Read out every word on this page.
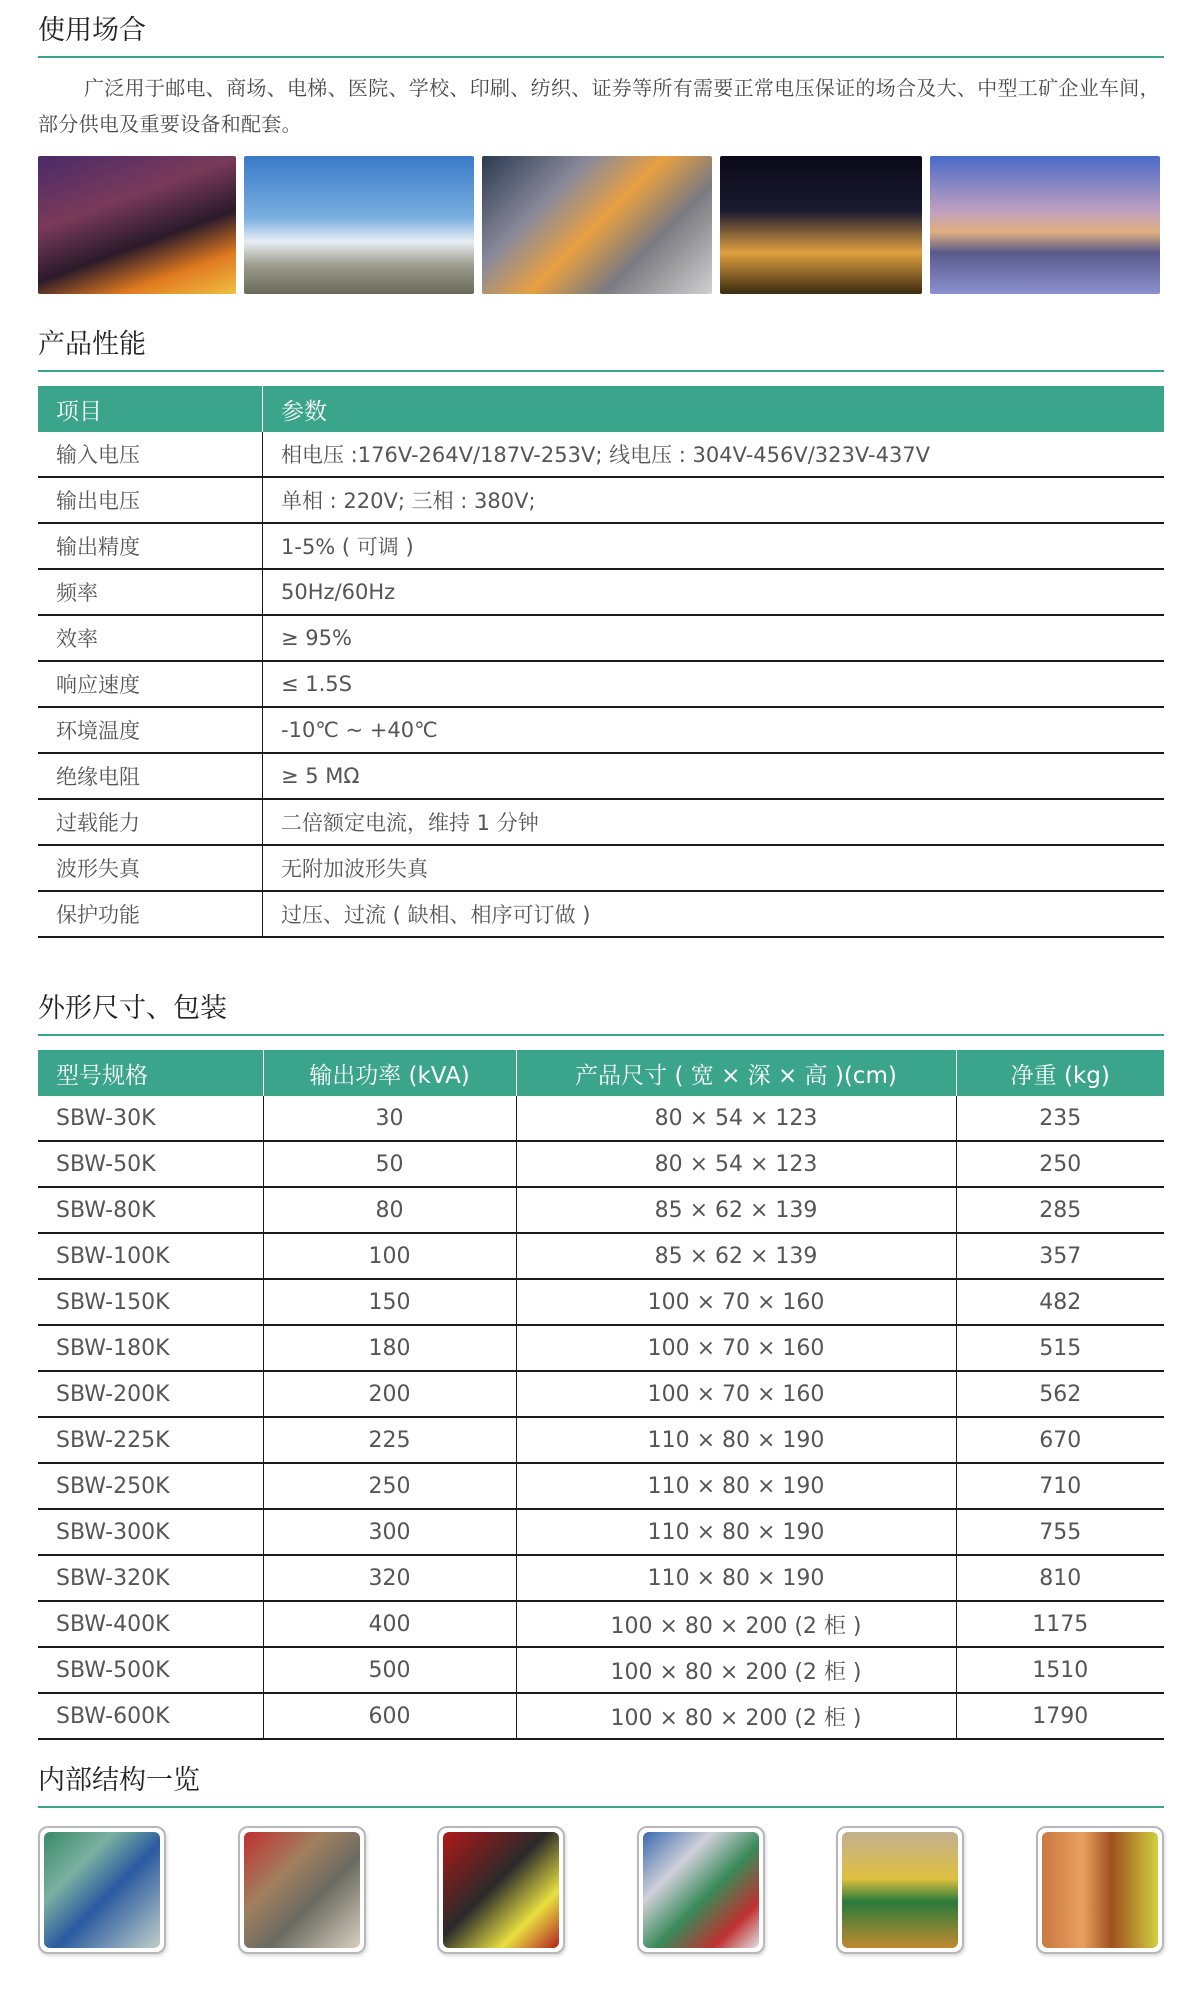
使用场合
广泛用于邮电、商场、电梯、医院、学校、印刷、纺织、证券等所有需要正常电压保证的场合及大、中型工矿企业车间，部分供电及重要设备和配套。
产品性能
项目	参数
输入电压	相电压 :176V-264V/187V-253V; 线电压 : 304V-456V/323V-437V
输出电压	单相 : 220V; 三相 : 380V;
输出精度	1-5% ( 可调 )
频率	50Hz/60Hz
效率	≥ 95%
响应速度	≤ 1.5S
环境温度	-10℃ ~ +40℃
绝缘电阻	≥ 5 MΩ
过载能力	二倍额定电流，维持 1 分钟
波形失真	无附加波形失真
保护功能	过压、过流 ( 缺相、相序可订做 )
外形尺寸、包装
型号规格	输出功率 (kVA)	产品尺寸 ( 宽 × 深 × 高 )(cm)	净重 (kg)
SBW-30K	30	80 × 54 × 123	235
SBW-50K	50	80 × 54 × 123	250
SBW-80K	80	85 × 62 × 139	285
SBW-100K	100	85 × 62 × 139	357
SBW-150K	150	100 × 70 × 160	482
SBW-180K	180	100 × 70 × 160	515
SBW-200K	200	100 × 70 × 160	562
SBW-225K	225	110 × 80 × 190	670
SBW-250K	250	110 × 80 × 190	710
SBW-300K	300	110 × 80 × 190	755
SBW-320K	320	110 × 80 × 190	810
SBW-400K	400	100 × 80 × 200 (2 柜 )	1175
SBW-500K	500	100 × 80 × 200 (2 柜 )	1510
SBW-600K	600	100 × 80 × 200 (2 柜 )	1790
内部结构一览
